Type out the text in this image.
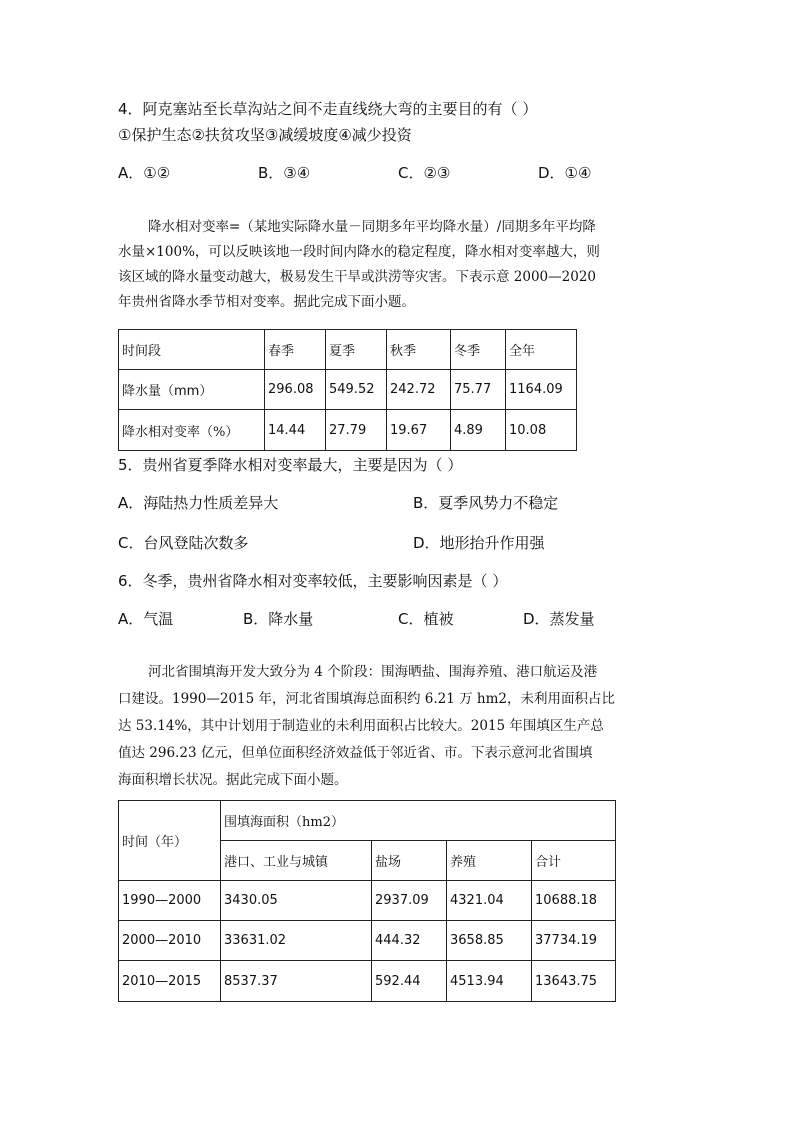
4．阿克塞站至长草沟站之间不走直线绕大弯的主要目的有（ ）
①保护生态②扶贫攻坚③减缓坡度④减少投资
A．①②	B．③④	C．②③	D．①④
降水相对变率=（某地实际降水量－同期多年平均降水量）/同期多年平均降
水量×100%，可以反映该地一段时间内降水的稳定程度，降水相对变率越大，则
该区域的降水量变动越大，极易发生干旱或洪涝等灾害。下表示意 2000—2020
年贵州省降水季节相对变率。据此完成下面小题。
时间段	春季	夏季	秋季	冬季	全年
降水量（mm）	296.08	549.52	242.72	75.77	1164.09
降水相对变率（%）	14.44	27.79	19.67	4.89	10.08
5．贵州省夏季降水相对变率最大，主要是因为（ ）
A．海陆热力性质差异大	B．夏季风势力不稳定
C．台风登陆次数多	D．地形抬升作用强
6．冬季，贵州省降水相对变率较低，主要影响因素是（ ）
A．气温	B．降水量	C．植被	D．蒸发量
河北省围填海开发大致分为 4 个阶段：围海晒盐、围海养殖、港口航运及港
口建设。1990—2015 年，河北省围填海总面积约 6.21 万 hm2，未利用面积占比
达 53.14%，其中计划用于制造业的未利用面积占比较大。2015 年围填区生产总
值达 296.23 亿元，但单位面积经济效益低于邻近省、市。下表示意河北省围填
海面积增长状况。据此完成下面小题。
时间（年）	围填海面积（hm2）			
	港口、工业与城镇	盐场	养殖	合计
1990—2000	3430.05	2937.09	4321.04	10688.18
2000—2010	33631.02	444.32	3658.85	37734.19
2010—2015	8537.37	592.44	4513.94	13643.75
